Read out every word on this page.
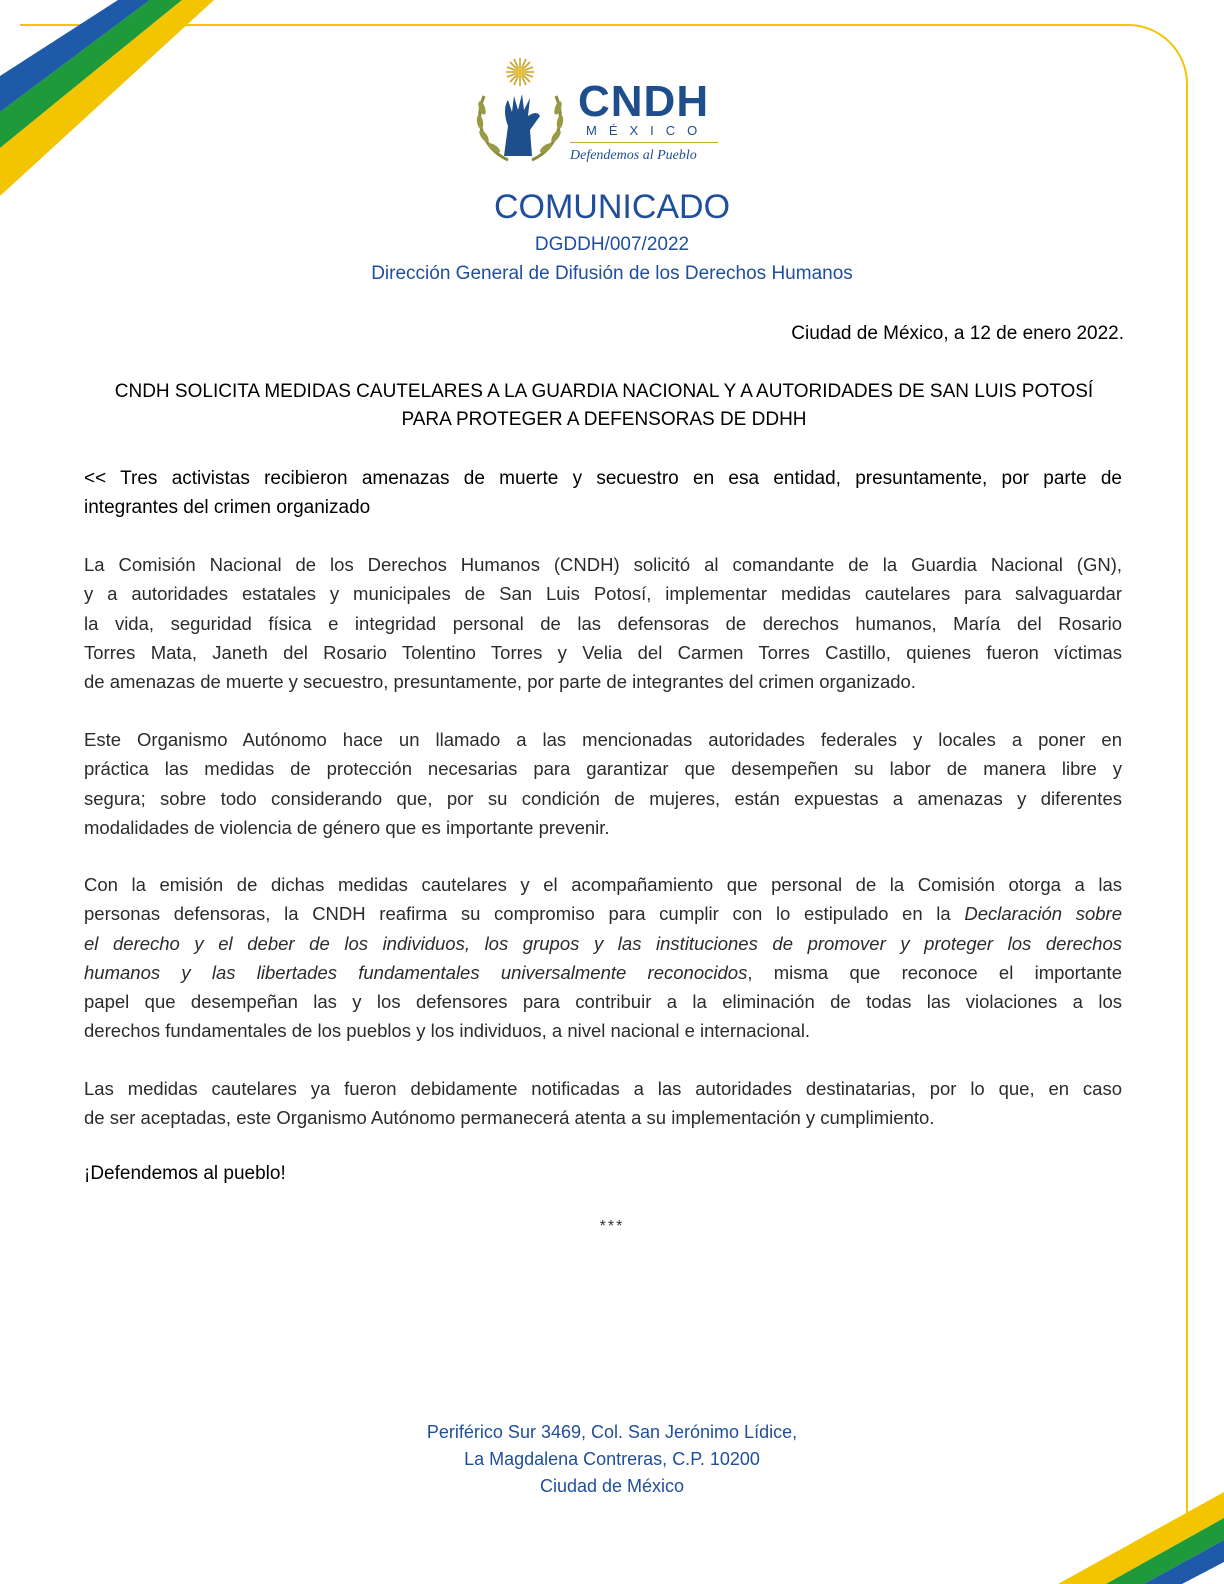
CNDH
MÉXICO
Defendemos al Pueblo
COMUNICADO
DGDDH/007/2022
Dirección General de Difusión de los Derechos Humanos
Ciudad de México, a 12 de enero 2022.
CNDH SOLICITA MEDIDAS CAUTELARES A LA GUARDIA NACIONAL Y A AUTORIDADES DE SAN LUIS POTOSÍ
PARA PROTEGER A DEFENSORAS DE DDHH
<< Tres activistas recibieron amenazas de muerte y secuestro en esa entidad, presuntamente, por parte de
integrantes del crimen organizado
La Comisión Nacional de los Derechos Humanos (CNDH) solicitó al comandante de la Guardia Nacional (GN),
y a autoridades estatales y municipales de San Luis Potosí, implementar medidas cautelares para salvaguardar
la vida, seguridad física e integridad personal de las defensoras de derechos humanos, María del Rosario
Torres Mata, Janeth del Rosario Tolentino Torres y Velia del Carmen Torres Castillo, quienes fueron víctimas
de amenazas de muerte y secuestro, presuntamente, por parte de integrantes del crimen organizado.
Este Organismo Autónomo hace un llamado a las mencionadas autoridades federales y locales a poner en
práctica las medidas de protección necesarias para garantizar que desempeñen su labor de manera libre y
segura; sobre todo considerando que, por su condición de mujeres, están expuestas a amenazas y diferentes
modalidades de violencia de género que es importante prevenir.
Con la emisión de dichas medidas cautelares y el acompañamiento que personal de la Comisión otorga a las
personas defensoras, la CNDH reafirma su compromiso para cumplir con lo estipulado en la Declaración sobre
el derecho y el deber de los individuos, los grupos y las instituciones de promover y proteger los derechos
humanos y las libertades fundamentales universalmente reconocidos, misma que reconoce el importante
papel que desempeñan las y los defensores para contribuir a la eliminación de todas las violaciones a los
derechos fundamentales de los pueblos y los individuos, a nivel nacional e internacional.
Las medidas cautelares ya fueron debidamente notificadas a las autoridades destinatarias, por lo que, en caso
de ser aceptadas, este Organismo Autónomo permanecerá atenta a su implementación y cumplimiento.
¡Defendemos al pueblo!
***
Periférico Sur 3469, Col. San Jerónimo Lídice,
La Magdalena Contreras, C.P. 10200
Ciudad de México
